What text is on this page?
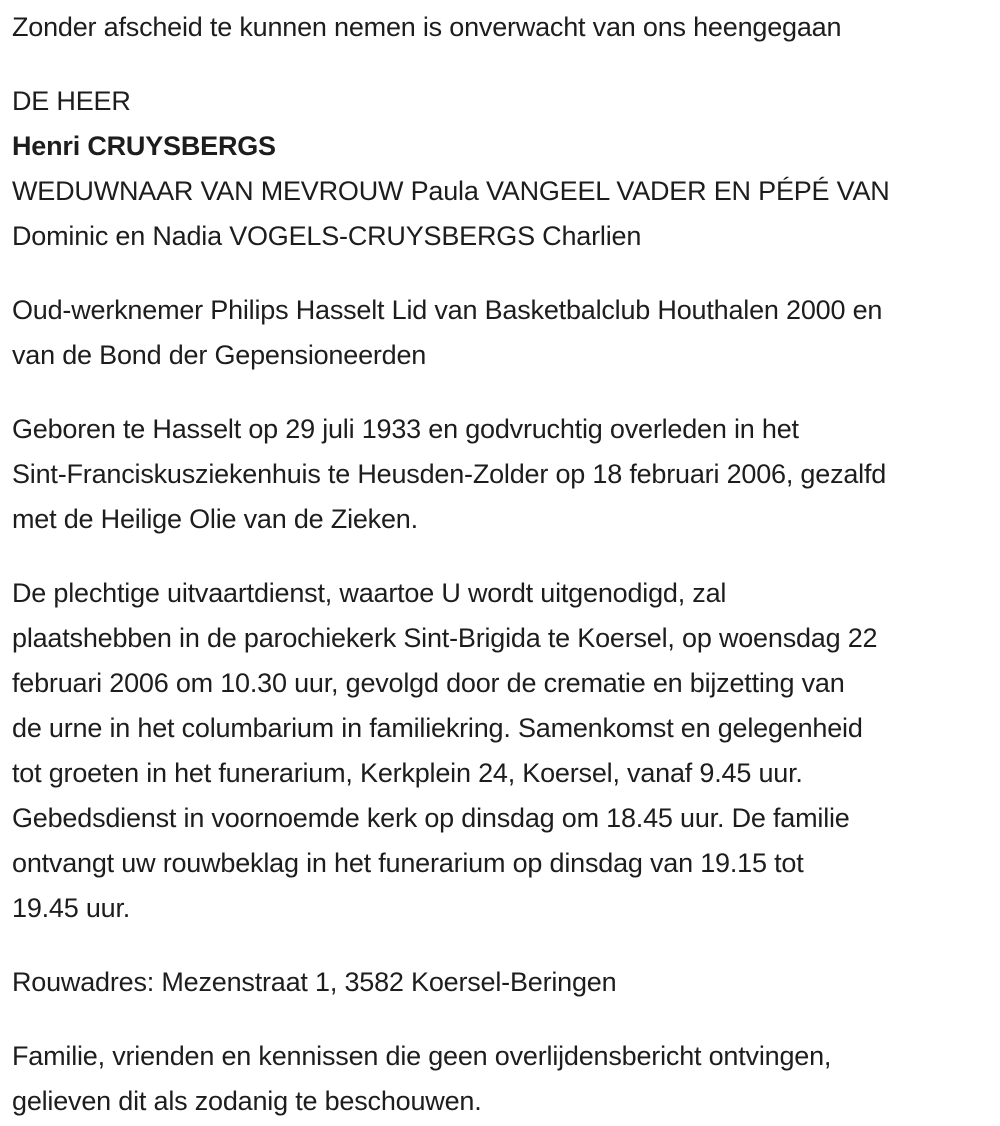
Zonder afscheid te kunnen nemen is onverwacht van ons heengegaan
DE HEER
Henri CRUYSBERGS
WEDUWNAAR VAN MEVROUW Paula VANGEEL VADER EN PÉPÉ VAN
Dominic en Nadia VOGELS-CRUYSBERGS Charlien
Oud-werknemer Philips Hasselt Lid van Basketbalclub Houthalen 2000 en
van de Bond der Gepensioneerden
Geboren te Hasselt op 29 juli 1933 en godvruchtig overleden in het
Sint-Franciskusziekenhuis te Heusden-Zolder op 18 februari 2006, gezalfd
met de Heilige Olie van de Zieken.
De plechtige uitvaartdienst, waartoe U wordt uitgenodigd, zal
plaatshebben in de parochiekerk Sint-Brigida te Koersel, op woensdag 22
februari 2006 om 10.30 uur, gevolgd door de crematie en bijzetting van
de urne in het columbarium in familiekring. Samenkomst en gelegenheid
tot groeten in het funerarium, Kerkplein 24, Koersel, vanaf 9.45 uur.
Gebedsdienst in voornoemde kerk op dinsdag om 18.45 uur. De familie
ontvangt uw rouwbeklag in het funerarium op dinsdag van 19.15 tot
19.45 uur.
Rouwadres: Mezenstraat 1, 3582 Koersel-Beringen
Familie, vrienden en kennissen die geen overlijdensbericht ontvingen,
gelieven dit als zodanig te beschouwen.
